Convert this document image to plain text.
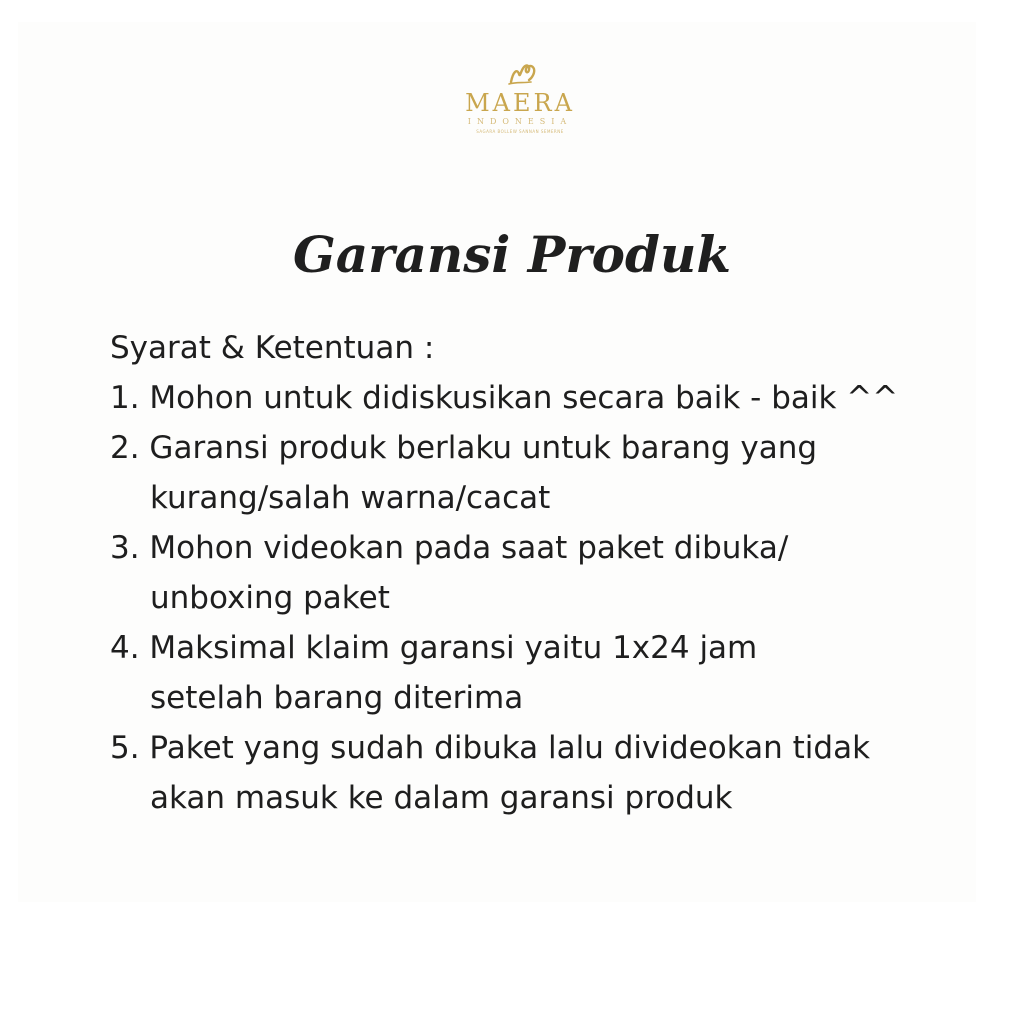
MAERA
INDONESIA
SAGARA BOLLEW SANNAN SEMERNE
Garansi Produk

Syarat & Ketentuan :

1. Mohon untuk didiskusikan secara baik - baik ^^
2. Garansi produk berlaku untuk barang yang
kurang/salah warna/cacat
3. Mohon videokan pada saat paket dibuka/
unboxing paket
4. Maksimal klaim garansi yaitu 1x24 jam
setelah barang diterima
5. Paket yang sudah dibuka lalu divideokan tidak
akan masuk ke dalam garansi produk
